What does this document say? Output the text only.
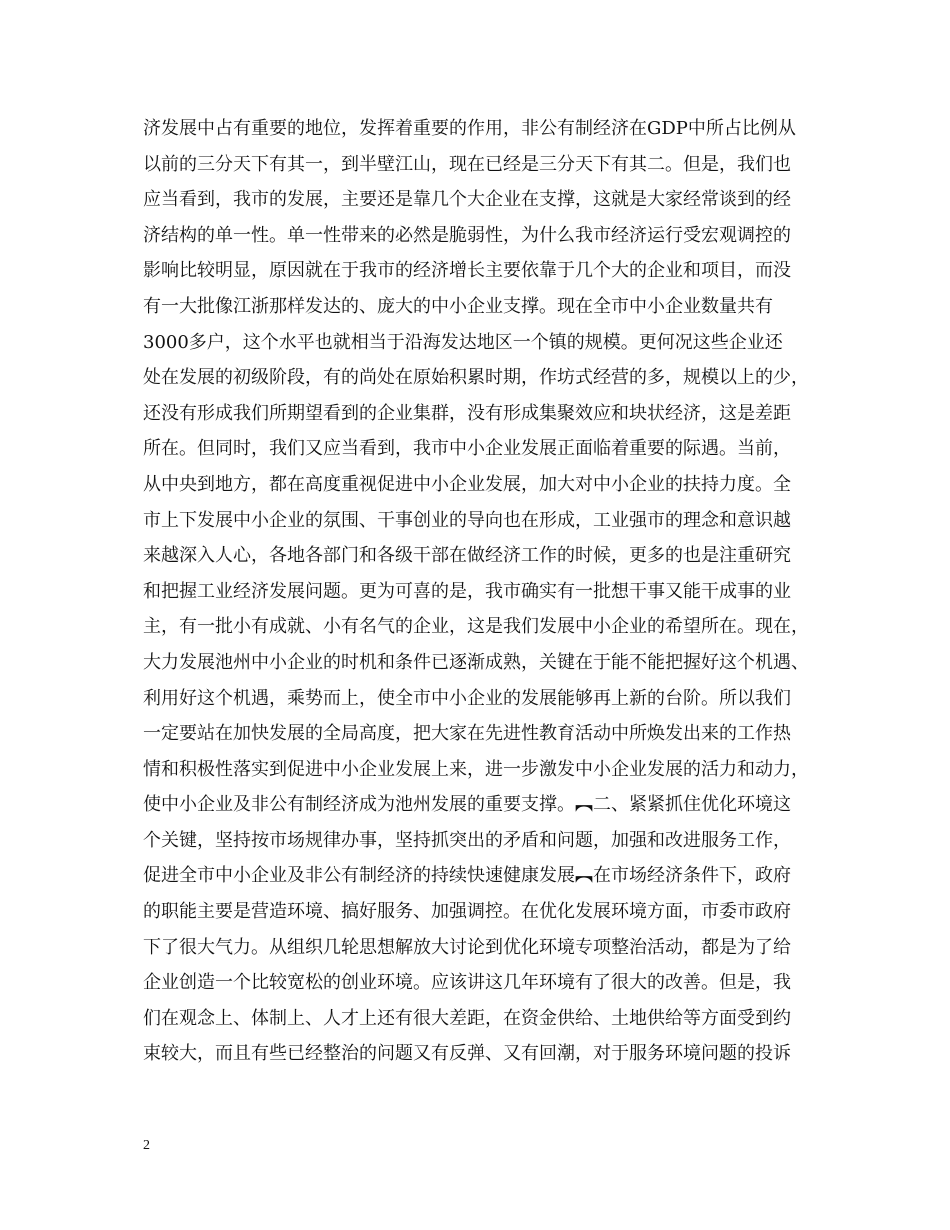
济发展中占有重要的地位，发挥着重要的作用，非公有制经济在GDP中所占比例从
以前的三分天下有其一，到半壁江山，现在已经是三分天下有其二。但是，我们也
应当看到，我市的发展，主要还是靠几个大企业在支撑，这就是大家经常谈到的经
济结构的单一性。单一性带来的必然是脆弱性，为什么我市经济运行受宏观调控的
影响比较明显，原因就在于我市的经济增长主要依靠于几个大的企业和项目，而没
有一大批像江浙那样发达的、庞大的中小企业支撑。现在全市中小企业数量共有
3000多户，这个水平也就相当于沿海发达地区一个镇的规模。更何况这些企业还
处在发展的初级阶段，有的尚处在原始积累时期，作坊式经营的多，规模以上的少，
还没有形成我们所期望看到的企业集群，没有形成集聚效应和块状经济，这是差距
所在。但同时，我们又应当看到，我市中小企业发展正面临着重要的际遇。当前，
从中央到地方，都在高度重视促进中小企业发展，加大对中小企业的扶持力度。全
市上下发展中小企业的氛围、干事创业的导向也在形成，工业强市的理念和意识越
来越深入人心，各地各部门和各级干部在做经济工作的时候，更多的也是注重研究
和把握工业经济发展问题。更为可喜的是，我市确实有一批想干事又能干成事的业
主，有一批小有成就、小有名气的企业，这是我们发展中小企业的希望所在。现在，
大力发展池州中小企业的时机和条件已逐渐成熟，关键在于能不能把握好这个机遇、
利用好这个机遇，乘势而上，使全市中小企业的发展能够再上新的台阶。所以我们
一定要站在加快发展的全局高度，把大家在先进性教育活动中所焕发出来的工作热
情和积极性落实到促进中小企业发展上来，进一步激发中小企业发展的活力和动力，
使中小企业及非公有制经济成为池州发展的重要支撑。︻二、紧紧抓住优化环境这
个关键，坚持按市场规律办事，坚持抓突出的矛盾和问题，加强和改进服务工作，
促进全市中小企业及非公有制经济的持续快速健康发展︻在市场经济条件下，政府
的职能主要是营造环境、搞好服务、加强调控。在优化发展环境方面，市委市政府
下了很大气力。从组织几轮思想解放大讨论到优化环境专项整治活动，都是为了给
企业创造一个比较宽松的创业环境。应该讲这几年环境有了很大的改善。但是，我
们在观念上、体制上、人才上还有很大差距，在资金供给、土地供给等方面受到约
束较大，而且有些已经整治的问题又有反弹、又有回潮，对于服务环境问题的投诉
2
